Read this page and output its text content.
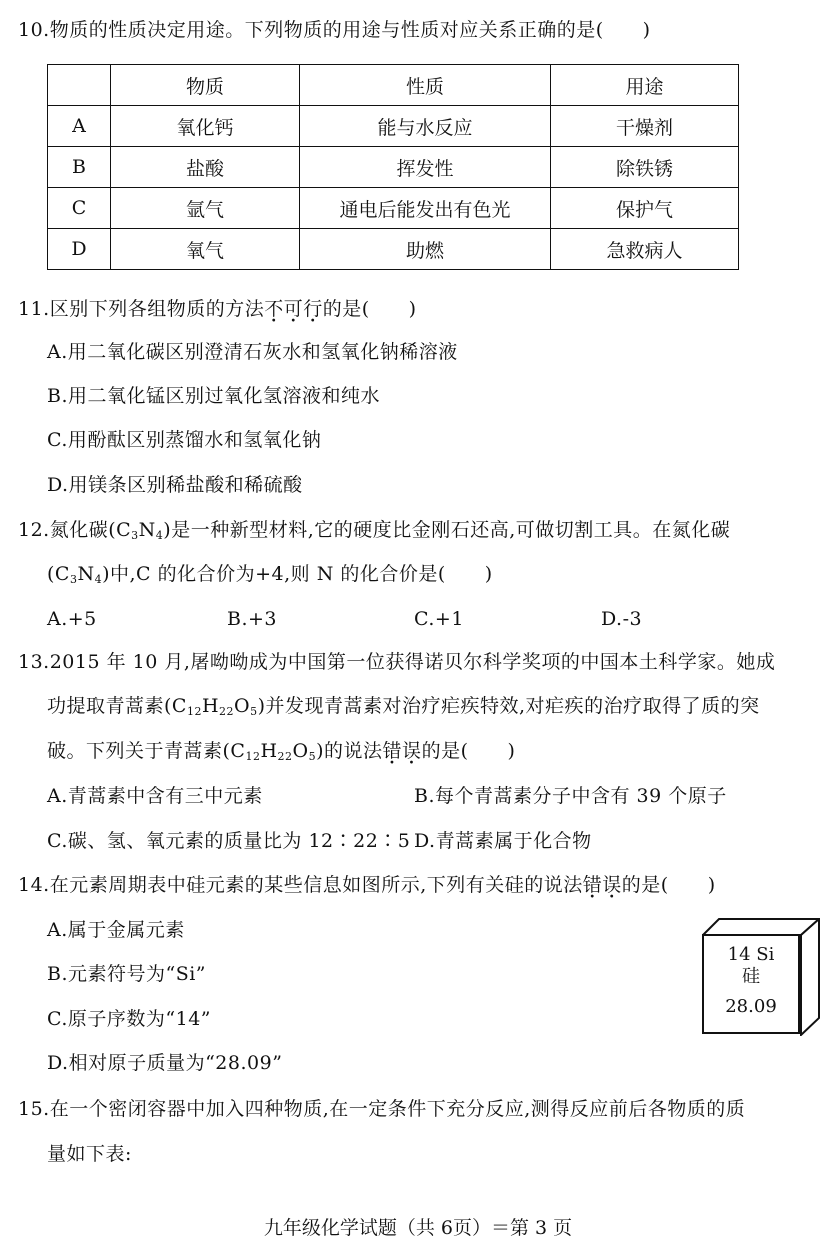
10.物质的性质决定用途。下列物质的用途与性质对应关系正确的是(　　)
	物质	性质	用途
A	氧化钙	能与水反应	干燥剂
B	盐酸	挥发性	除铁锈
C	氩气	通电后能发出有色光	保护气
D	氧气	助燃	急救病人
11.区别下列各组物质的方法不可行的是(　　)
A.用二氧化碳区别澄清石灰水和氢氧化钠稀溶液
B.用二氧化锰区别过氧化氢溶液和纯水
C.用酚酞区别蒸馏水和氢氧化钠
D.用镁条区别稀盐酸和稀硫酸
12.氮化碳$(C_3N_4)$是一种新型材料,它的硬度比金刚石还高,可做切割工具。在氮化碳
$(C_3N_4)$中,C 的化合价为+4,则 N 的化合价是(　　)
A.+5	B.+3	C.+1	D.-3
13.2015 年 10 月,屠呦呦成为中国第一位获得诺贝尔科学奖项的中国本土科学家。她成
功提取青蒿素$(C_{12}H_{22}O_5)$并发现青蒿素对治疗疟疾特效,对疟疾的治疗取得了质的突
破。下列关于青蒿素$(C_{12}H_{22}O_5)$的说法错误的是(　　)
A.青蒿素中含有三中元素	B.每个青蒿素分子中含有 39 个原子
C.碳、氢、氧元素的质量比为 12∶22∶5 D.青蒿素属于化合物
14.在元素周期表中硅元素的某些信息如图所示,下列有关硅的说法错误的是(　　)
A.属于金属元素
B.元素符号为“Si”
C.原子序数为“14”
D.相对原子质量为“28.09”
14 Si
硅
28.09
15.在一个密闭容器中加入四种物质,在一定条件下充分反应,测得反应前后各物质的质
量如下表:
九年级化学试题（共 6页）＝第 3 页
